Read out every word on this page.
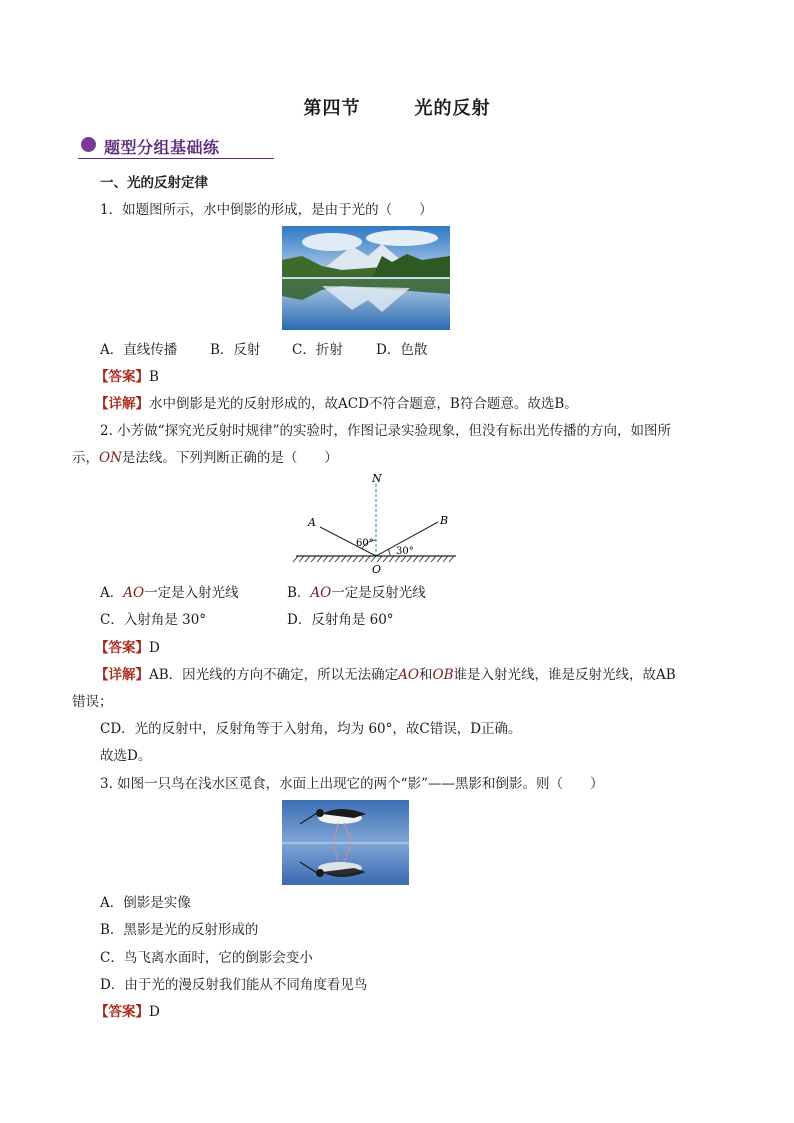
第四节	光的反射
题型分组基础练
一、光的反射定律
1．如题图所示，水中倒影的形成，是由于光的（　　）
A．直线传播 B．反射 C．折射 D．色散
【答案】B
【详解】水中倒影是光的反射形成的，故ACD不符合题意，B符合题意。故选B。
2. 小芳做“探究光反射时规律”的实验时，作图记录实验现象，但没有标出光传播的方向，如图所
示，ON是法线。下列判断正确的是（　　）
N
A	B
O
60°
30°
A．AO一定是入射光线	B．AO一定是反射光线
C．入射角是 30°	D．反射角是 60°
【答案】D
【详解】AB．因光线的方向不确定，所以无法确定AO和OB谁是入射光线，谁是反射光线，故AB
错误；
CD．光的反射中，反射角等于入射角，均为 60°，故C错误，D正确。
故选D。
3. 如图一只鸟在浅水区觅食，水面上出现它的两个“影”——黑影和倒影。则（　　）
A．倒影是实像
B．黑影是光的反射形成的
C．鸟飞离水面时，它的倒影会变小
D．由于光的漫反射我们能从不同角度看见鸟
【答案】D
